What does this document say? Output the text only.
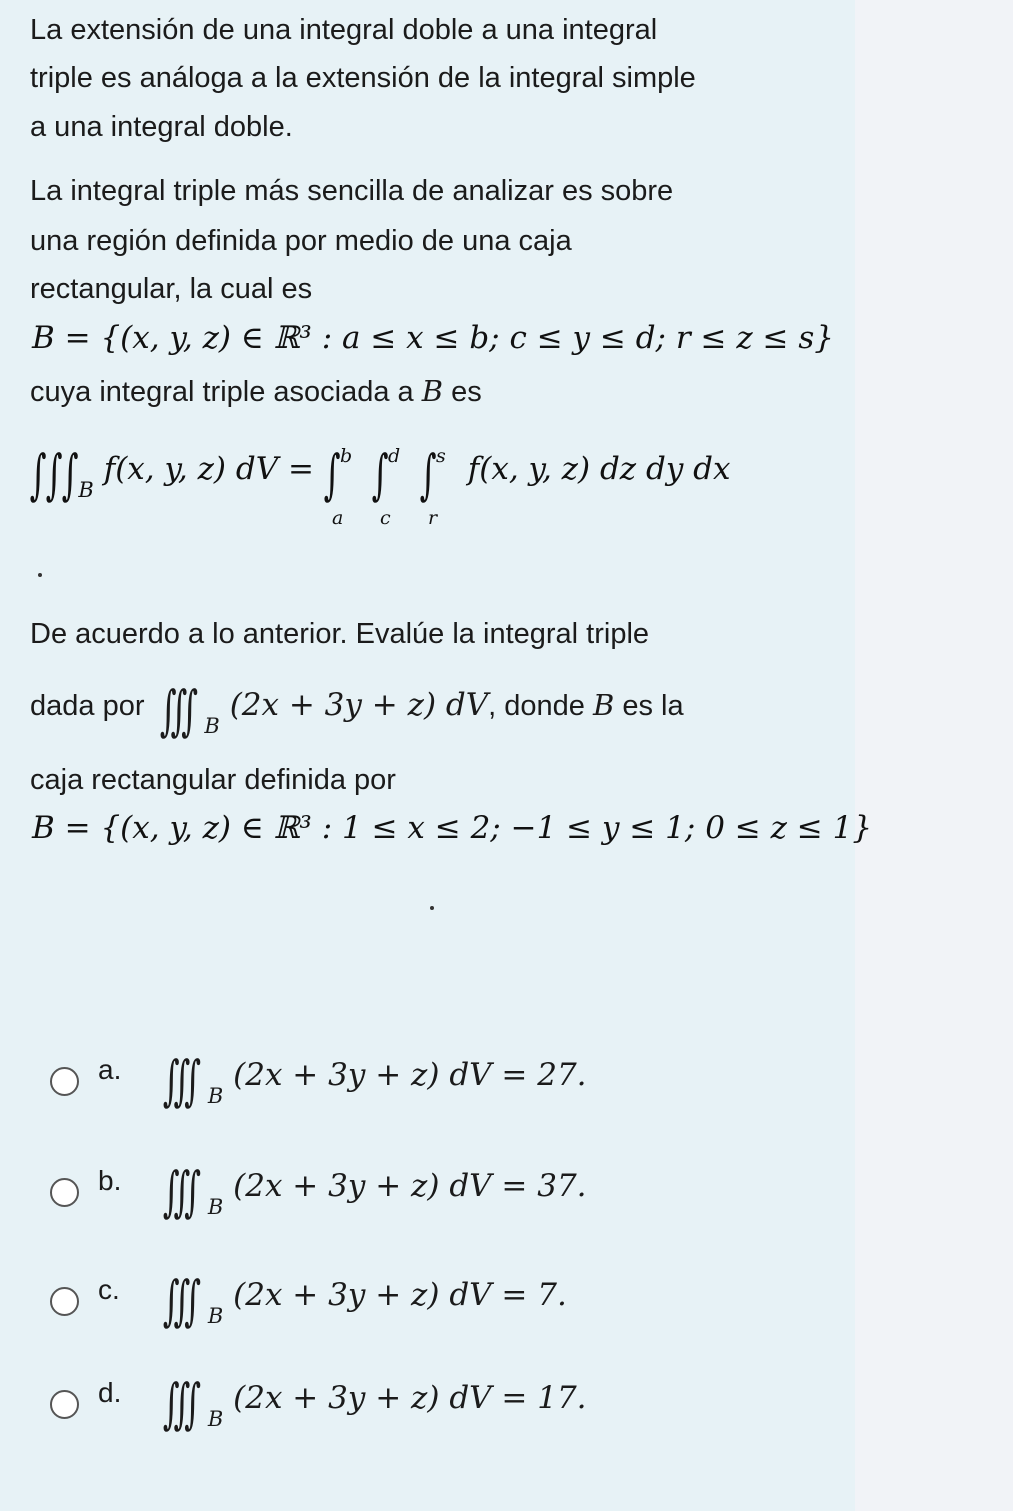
La extensión de una integral doble a una integral
triple es análoga a la extensión de la integral simple
a una integral doble.
La integral triple más sencilla de analizar es sobre
una región definida por medio de una caja
rectangular, la cual es
B = {(x, y, z) ∈ ℝ³ : a ≤ x ≤ b; c ≤ y ≤ d; r ≤ z ≤ s}
cuya integral triple asociada a B es
$\int\int\int_B$ f(x, y, z) dV = ∫ b
a
∫ d
c
∫ s
r
f(x, y, z) dz dy dx
De acuerdo a lo anterior. Evalúe la integral triple
dada por ∭ $_B$ (2x + 3y + z) dV, donde B es la
caja rectangular definida por
B = {(x, y, z) ∈ ℝ³ : 1 ≤ x ≤ 2; −1 ≤ y ≤ 1; 0 ≤ z ≤ 1}
a. ∭ $_B$ (2x + 3y + z) dV = 27.
b. ∭ $_B$ (2x + 3y + z) dV = 37.
c. ∭ $_B$ (2x + 3y + z) dV = 7.
d. ∭ $_B$ (2x + 3y + z) dV = 17.
